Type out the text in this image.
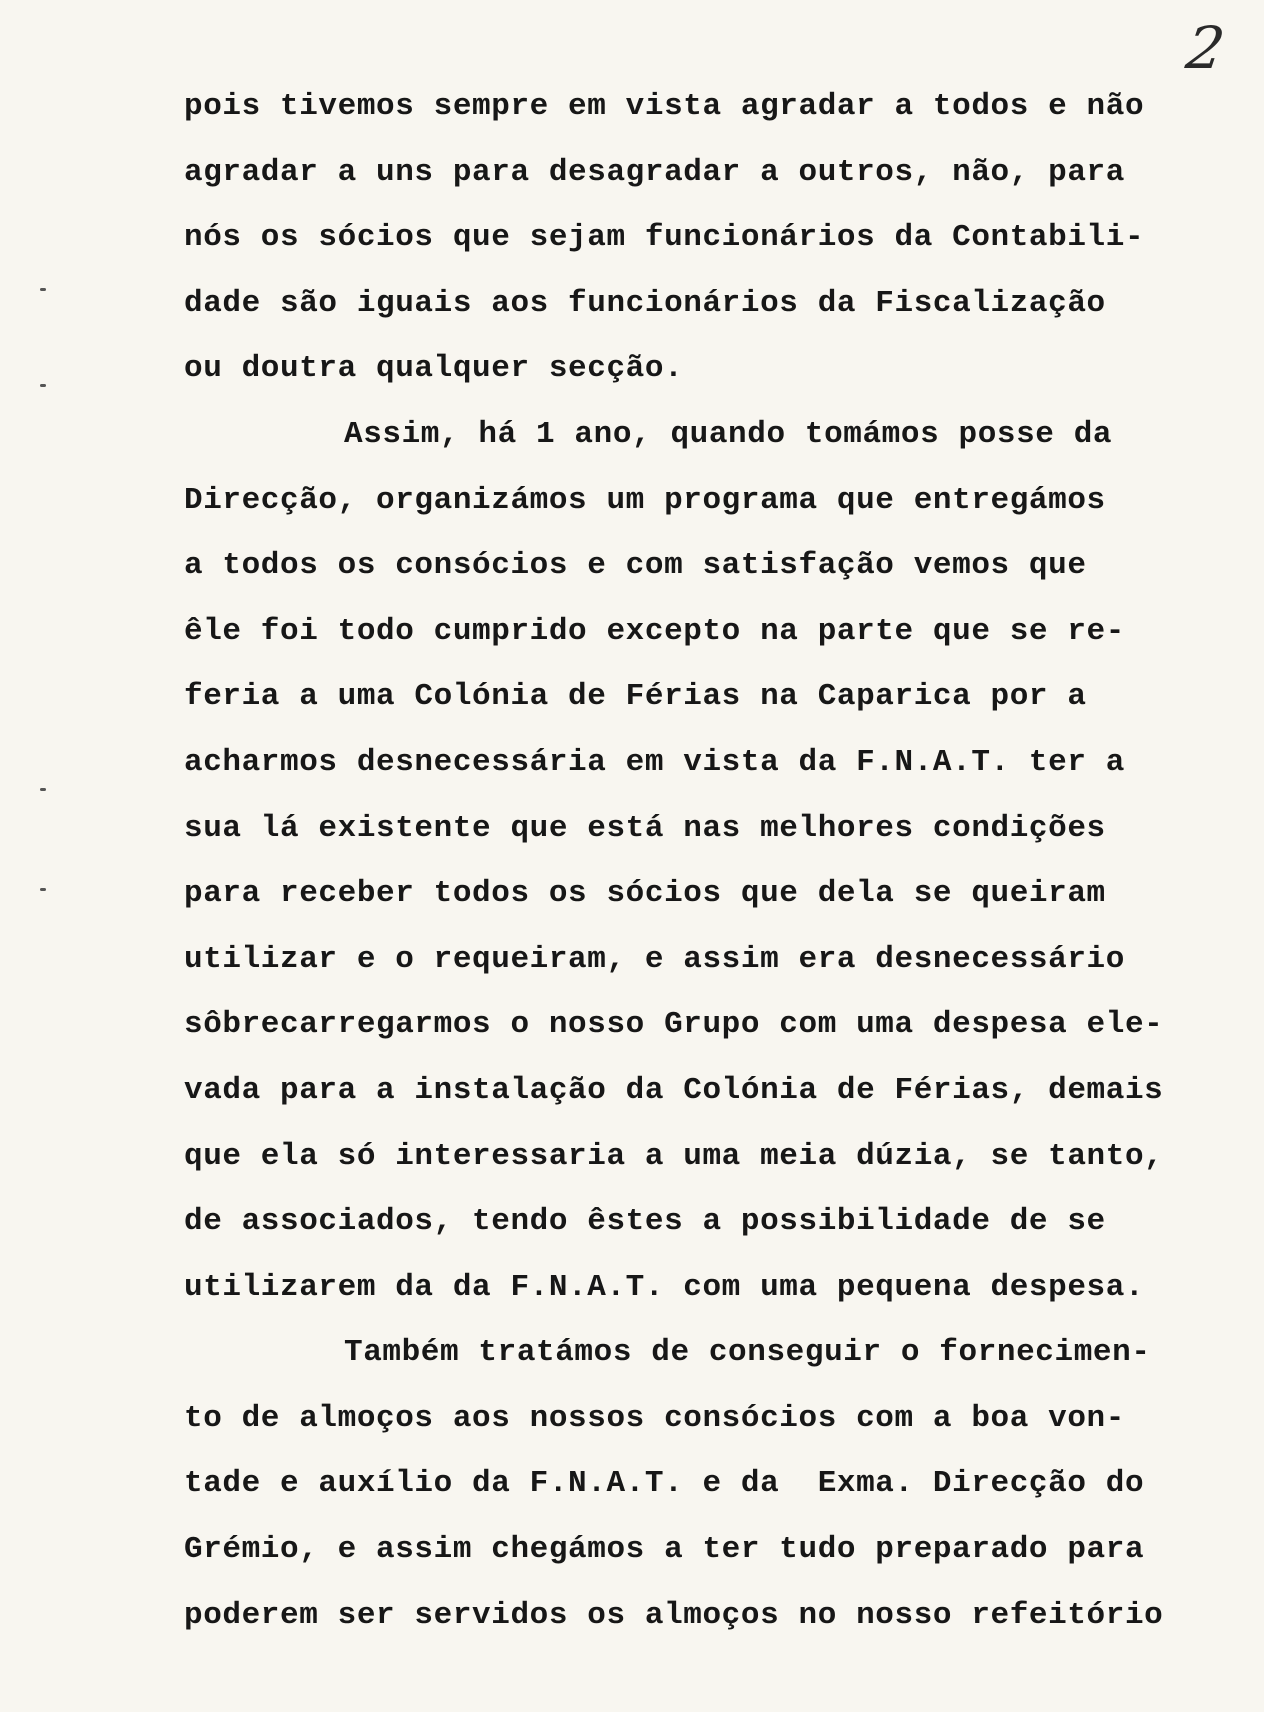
2
pois tivemos sempre em vista agradar a todos e não
agradar a uns para desagradar a outros, não, para
nós os sócios que sejam funcionários da Contabili-
dade são iguais aos funcionários da Fiscalização
ou doutra qualquer secção.
Assim, há 1 ano, quando tomámos posse da
Direcção, organizámos um programa que entregámos
a todos os consócios e com satisfação vemos que
êle foi todo cumprido excepto na parte que se re-
feria a uma Colónia de Férias na Caparica por a
acharmos desnecessária em vista da F.N.A.T. ter a
sua lá existente que está nas melhores condições
para receber todos os sócios que dela se queiram
utilizar e o requeiram, e assim era desnecessário
sôbrecarregarmos o nosso Grupo com uma despesa ele-
vada para a instalação da Colónia de Férias, demais
que ela só interessaria a uma meia dúzia, se tanto,
de associados, tendo êstes a possibilidade de se
utilizarem da da F.N.A.T. com uma pequena despesa.
Também tratámos de conseguir o fornecimen-
to de almoços aos nossos consócios com a boa von-
tade e auxílio da F.N.A.T. e da  Exma. Direcção do
Grémio, e assim chegámos a ter tudo preparado para
poderem ser servidos os almoços no nosso refeitório
